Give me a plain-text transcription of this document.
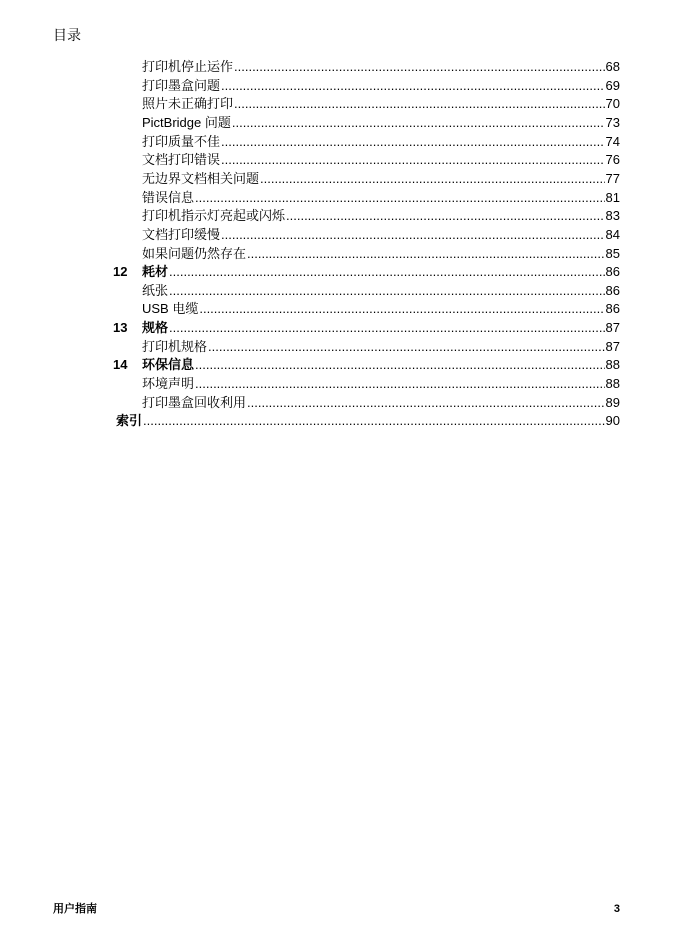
目录
打印机停止运作 .....	68
打印墨盒问题 .....	69
照片未正确打印 .....	70
PictBridge 问题 .....	73
打印质量不佳 .....	74
文档打印错误 .....	76
无边界文档相关问题 .....	77
错误信息 .....	81
打印机指示灯亮起或闪烁 .....	83
文档打印缓慢 .....	84
如果问题仍然存在 .....	85
12 耗材 .....	86
纸张 .....	86
USB 电缆 .....	86
13 规格 .....	87
打印机规格 .....	87
14 环保信息 .....	88
环境声明 .....	88
打印墨盒回收利用 .....	89
索引 .....	90
用户指南	3
